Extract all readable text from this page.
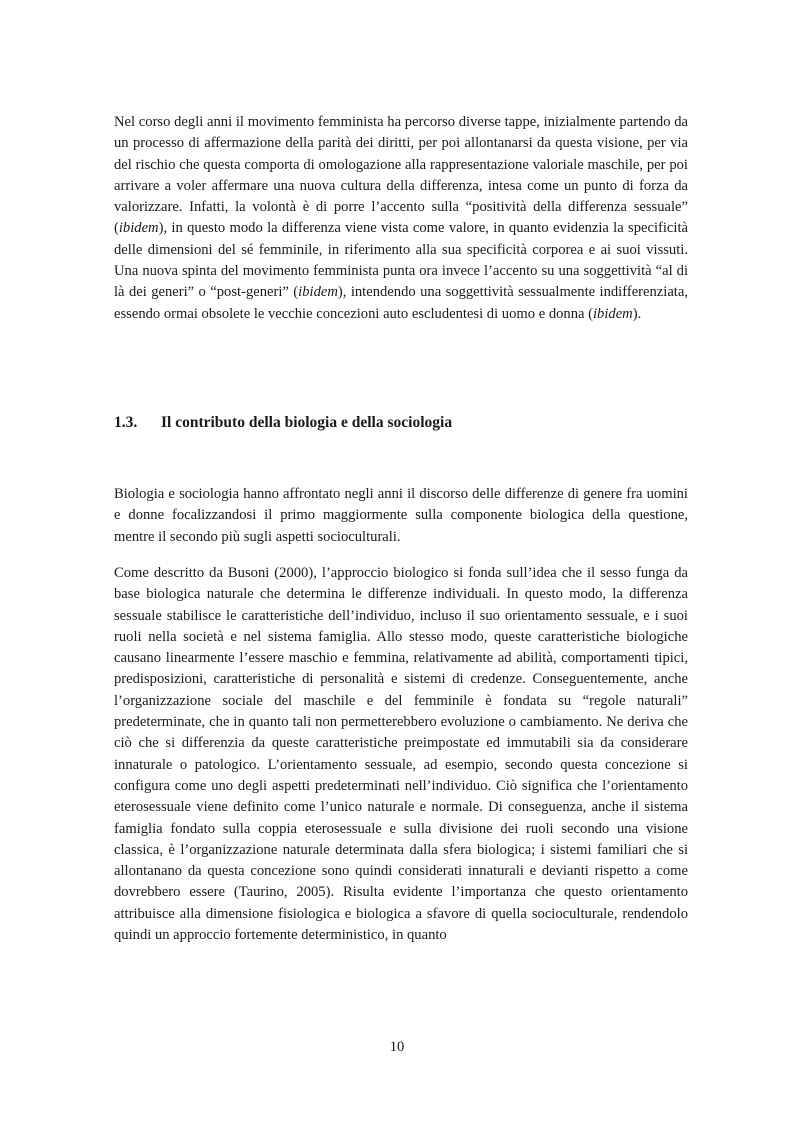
Nel corso degli anni il movimento femminista ha percorso diverse tappe, inizialmente partendo da un processo di affermazione della parità dei diritti, per poi allontanarsi da questa visione, per via del rischio che questa comporta di omologazione alla rappresentazione valoriale maschile, per poi arrivare a voler affermare una nuova cultura della differenza, intesa come un punto di forza da valorizzare. Infatti, la volontà è di porre l’accento sulla “positività della differenza sessuale” (ibidem), in questo modo la differenza viene vista come valore, in quanto evidenzia la specificità delle dimensioni del sé femminile, in riferimento alla sua specificità corporea e ai suoi vissuti. Una nuova spinta del movimento femminista punta ora invece l’accento su una soggettività “al di là dei generi” o “post-generi” (ibidem), intendendo una soggettività sessualmente indifferenziata, essendo ormai obsolete le vecchie concezioni auto escludentesi di uomo e donna (ibidem).

1.3. Il contributo della biologia e della sociologia

Biologia e sociologia hanno affrontato negli anni il discorso delle differenze di genere fra uomini e donne focalizzandosi il primo maggiormente sulla componente biologica della questione, mentre il secondo più sugli aspetti socioculturali.

Come descritto da Busoni (2000), l’approccio biologico si fonda sull’idea che il sesso funga da base biologica naturale che determina le differenze individuali. In questo modo, la differenza sessuale stabilisce le caratteristiche dell’individuo, incluso il suo orientamento sessuale, e i suoi ruoli nella società e nel sistema famiglia. Allo stesso modo, queste caratteristiche biologiche causano linearmente l’essere maschio e femmina, relativamente ad abilità, comportamenti tipici, predisposizioni, caratteristiche di personalità e sistemi di credenze. Conseguentemente, anche l’organizzazione sociale del maschile e del femminile è fondata su “regole naturali” predeterminate, che in quanto tali non permetterebbero evoluzione o cambiamento. Ne deriva che ciò che si differenzia da queste caratteristiche preimpostate ed immutabili sia da considerare innaturale o patologico. L’orientamento sessuale, ad esempio, secondo questa concezione si configura come uno degli aspetti predeterminati nell’individuo. Ciò significa che l’orientamento eterosessuale viene definito come l’unico naturale e normale. Di conseguenza, anche il sistema famiglia fondato sulla coppia eterosessuale e sulla divisione dei ruoli secondo una visione classica, è l’organizzazione naturale determinata dalla sfera biologica; i sistemi familiari che si allontanano da questa concezione sono quindi considerati innaturali e devianti rispetto a come dovrebbero essere (Taurino, 2005). Risulta evidente l’importanza che questo orientamento attribuisce alla dimensione fisiologica e biologica a sfavore di quella socioculturale, rendendolo quindi un approccio fortemente deterministico, in quanto

10
